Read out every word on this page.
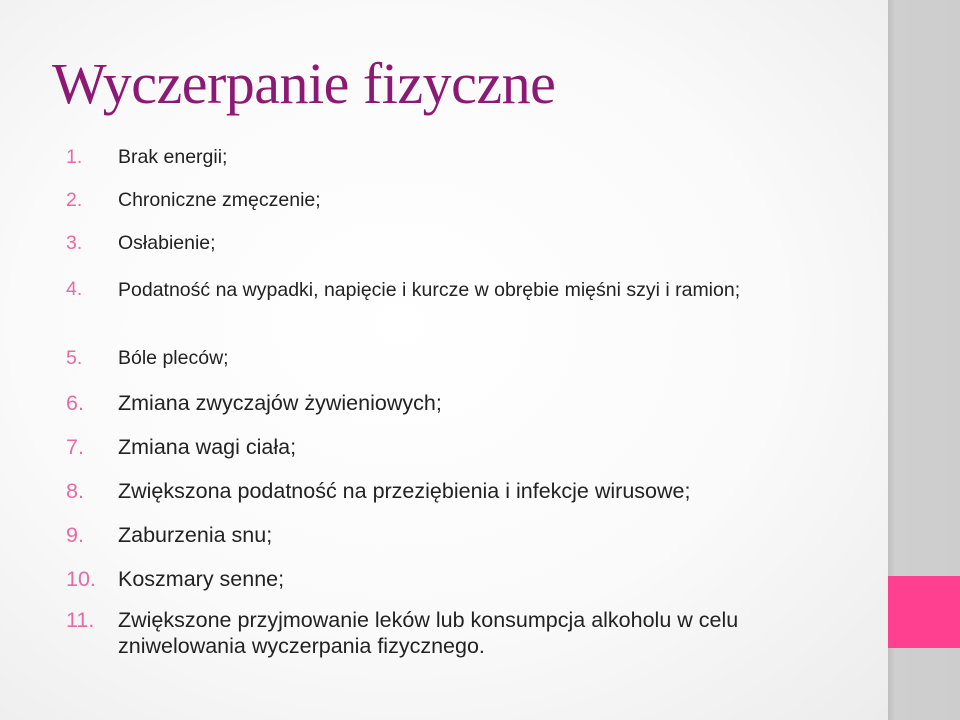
Wyczerpanie fizyczne
1.	Brak energii;
2.	Chroniczne zmęczenie;
3.	Osłabienie;
4.	Podatność na wypadki, napięcie i kurcze w obrębie mięśni szyi i ramion;
5.	Bóle pleców;
6.	Zmiana zwyczajów żywieniowych;
7.	Zmiana wagi ciała;
8.	Zwiększona podatność na przeziębienia i infekcje wirusowe;
9.	Zaburzenia snu;
10.	Koszmary senne;
11.	Zwiększone przyjmowanie leków lub konsumpcja alkoholu w celu zniwelowania wyczerpania fizycznego.
